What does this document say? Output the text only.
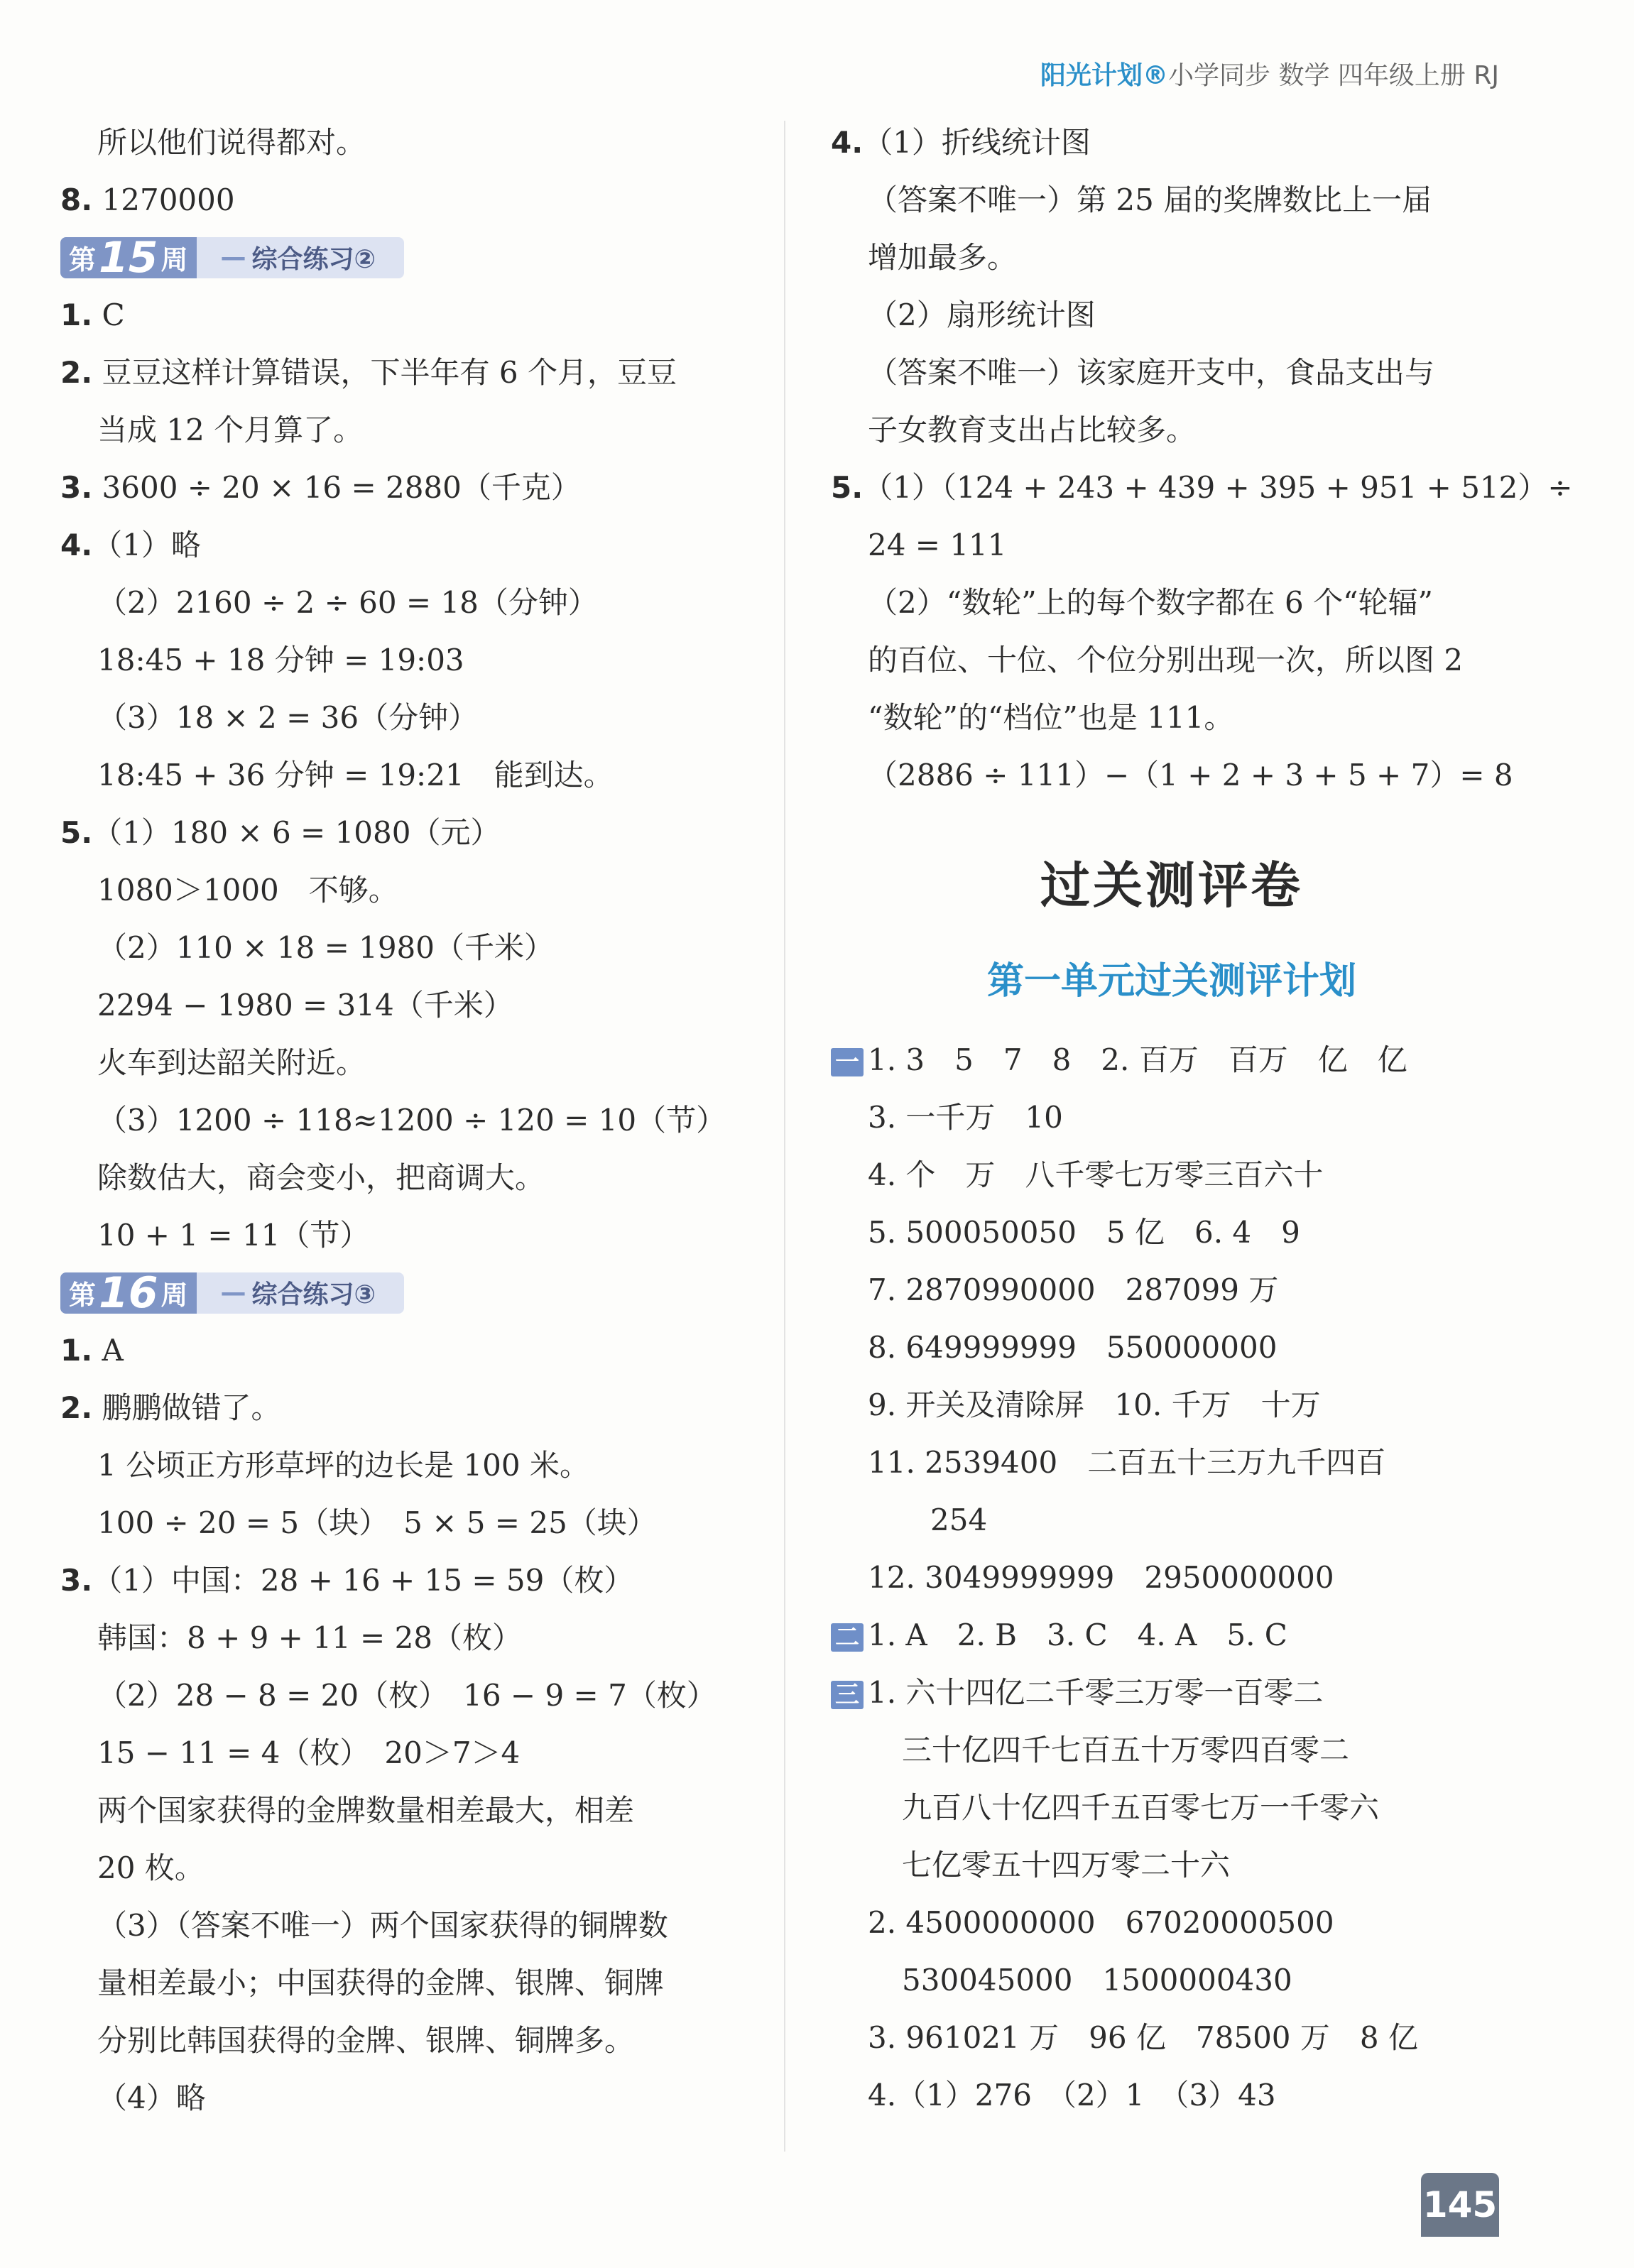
阳光计划®小学同步 数学 四年级上册 RJ
所以他们说得都对。
8. 1270000
第 15 周 — 综合练习②
1. C
2. 豆豆这样计算错误，下半年有 6 个月，豆豆
当成 12 个月算了。
3. 3600 ÷ 20 × 16 = 2880（千克）
4.（1）略
（2）2160 ÷ 2 ÷ 60 = 18（分钟）
18:45 + 18 分钟 = 19:03
（3）18 × 2 = 36（分钟）
18:45 + 36 分钟 = 19:21　能到达。
5.（1）180 × 6 = 1080（元）
1080＞1000　不够。
（2）110 × 18 = 1980（千米）
2294 − 1980 = 314（千米）
火车到达韶关附近。
（3）1200 ÷ 118≈1200 ÷ 120 = 10（节）
除数估大，商会变小，把商调大。
10 + 1 = 11（节）
第 16 周 — 综合练习③
1. A
2. 鹏鹏做错了。
1 公顷正方形草坪的边长是 100 米。
100 ÷ 20 = 5（块）　5 × 5 = 25（块）
3.（1）中国：28 + 16 + 15 = 59（枚）
韩国：8 + 9 + 11 = 28（枚）
（2）28 − 8 = 20（枚）　16 − 9 = 7（枚）
15 − 11 = 4（枚）　20＞7＞4
两个国家获得的金牌数量相差最大，相差
20 枚。
（3）（答案不唯一）两个国家获得的铜牌数
量相差最小；中国获得的金牌、银牌、铜牌
分别比韩国获得的金牌、银牌、铜牌多。
（4）略
4.（1）折线统计图
（答案不唯一）第 25 届的奖牌数比上一届
增加最多。
（2）扇形统计图
（答案不唯一）该家庭开支中，食品支出与
子女教育支出占比较多。
5.（1）（124 + 243 + 439 + 395 + 951 + 512）÷
24 = 111
（2）“数轮”上的每个数字都在 6 个“轮辐”
的百位、十位、个位分别出现一次，所以图 2
“数轮”的“档位”也是 111。
（2886 ÷ 111）−（1 + 2 + 3 + 5 + 7）= 8
过关测评卷
第一单元过关测评计划
一 1. 3　5　7　8　2. 百万　百万　亿　亿
3. 一千万　10
4. 个　万　八千零七万零三百六十
5. 500050050　5 亿　6. 4　9
7. 2870990000　287099 万
8. 649999999　550000000
9. 开关及清除屏　10. 千万　十万
11. 2539400　二百五十三万九千四百
254
12. 3049999999　2950000000
二 1. A　2. B　3. C　4. A　5. C
三 1. 六十四亿二千零三万零一百零二
三十亿四千七百五十万零四百零二
九百八十亿四千五百零七万一千零六
七亿零五十四万零二十六
2. 4500000000　67020000500
530045000　1500000430
3. 961021 万　96 亿　78500 万　8 亿
4.（1）276　（2）1　（3）43
145
